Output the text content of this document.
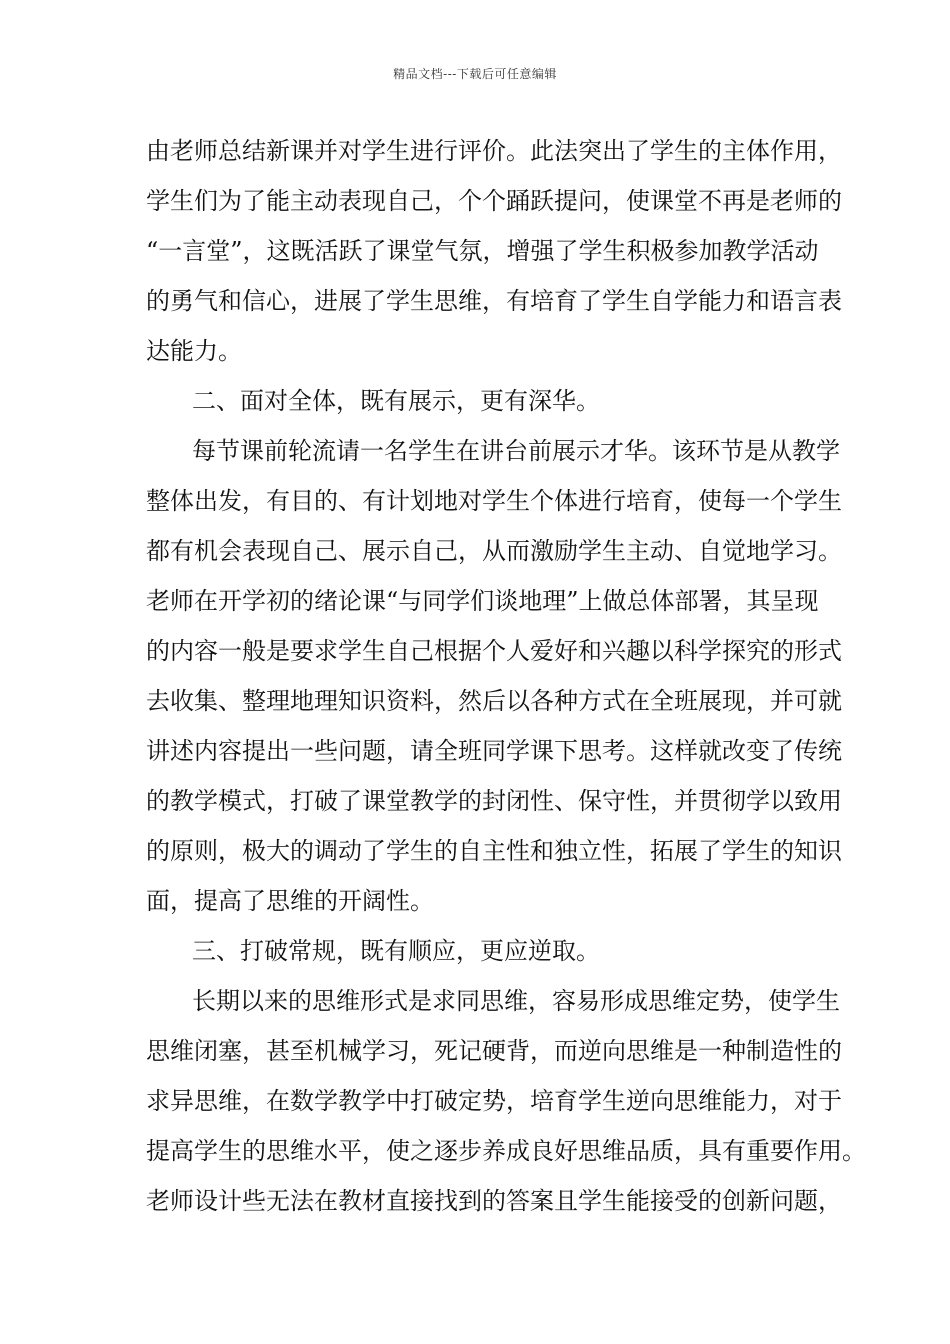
精品文档---下载后可任意编辑
由老师总结新课并对学生进行评价。此法突出了学生的主体作用，
学生们为了能主动表现自己，个个踊跃提问，使课堂不再是老师的
“一言堂”，这既活跃了课堂气氛，增强了学生积极参加教学活动
的勇气和信心，进展了学生思维，有培育了学生自学能力和语言表
达能力。
二、面对全体，既有展示，更有深华。
每节课前轮流请一名学生在讲台前展示才华。该环节是从教学
整体出发，有目的、有计划地对学生个体进行培育，使每一个学生
都有机会表现自己、展示自己，从而激励学生主动、自觉地学习。
老师在开学初的绪论课“与同学们谈地理”上做总体部署，其呈现
的内容一般是要求学生自己根据个人爱好和兴趣以科学探究的形式
去收集、整理地理知识资料，然后以各种方式在全班展现，并可就
讲述内容提出一些问题，请全班同学课下思考。这样就改变了传统
的教学模式，打破了课堂教学的封闭性、保守性，并贯彻学以致用
的原则，极大的调动了学生的自主性和独立性，拓展了学生的知识
面，提高了思维的开阔性。
三、打破常规，既有顺应，更应逆取。
长期以来的思维形式是求同思维，容易形成思维定势，使学生
思维闭塞，甚至机械学习，死记硬背，而逆向思维是一种制造性的
求异思维，在数学教学中打破定势，培育学生逆向思维能力，对于
提高学生的思维水平，使之逐步养成良好思维品质，具有重要作用。
老师设计些无法在教材直接找到的答案且学生能接受的创新问题，
